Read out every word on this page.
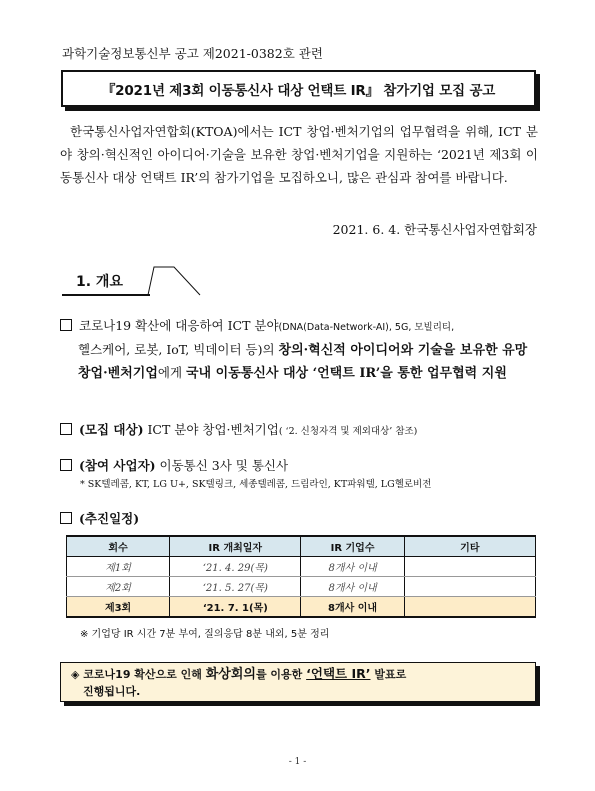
과학기술정보통신부 공고 제2021-0382호 관련
『2021년 제3회 이동통신사 대상 언택트 IR』 참가기업 모집 공고
한국통신사업자연합회(KTOA)에서는 ICT 창업·벤처기업의 업무협력을 위해, ICT 분야 창의·혁신적인 아이디어·기술을 보유한 창업·벤처기업을 지원하는 ‘2021년 제3회 이동통신사 대상 언택트 IR’의 참가기업을 모집하오니, 많은 관심과 참여를 바랍니다.
2021. 6. 4. 한국통신사업자연합회장
1. 개요
코로나19 확산에 대응하여 ICT 분야(DNA(Data-Network-AI), 5G, 모빌리티,
헬스케어, 로봇, IoT, 빅데이터 등)의 창의·혁신적 아이디어와 기술을 보유한 유망 창업·벤처기업에게 국내 이동통신사 대상 ‘언택트 IR’을 통한 업무협력 지원
(모집 대상) ICT 분야 창업·벤처기업( ‘2. 신청자격 및 제외대상’ 참조)
(참여 사업자) 이동통신 3사 및 통신사
* SK텔레콤, KT, LG U+, SK텔링크, 세종텔레콤, 드림라인, KT파워텔, LG헬로비전
(추진일정)
회수	IR 개최일자	IR 기업수	기타
제1회	‘21. 4. 29(목)	8개사 이내	
제2회	‘21. 5. 27(목)	8개사 이내	
제3회	‘21. 7. 1(목)	8개사 이내	
※ 기업당 IR 시간 7분 부여, 질의응답 8분 내외, 5분 정리
◈ 코로나19 확산으로 인해 화상회의를 이용한 ‘언택트 IR’ 발표로
진행됩니다.
- 1 -
